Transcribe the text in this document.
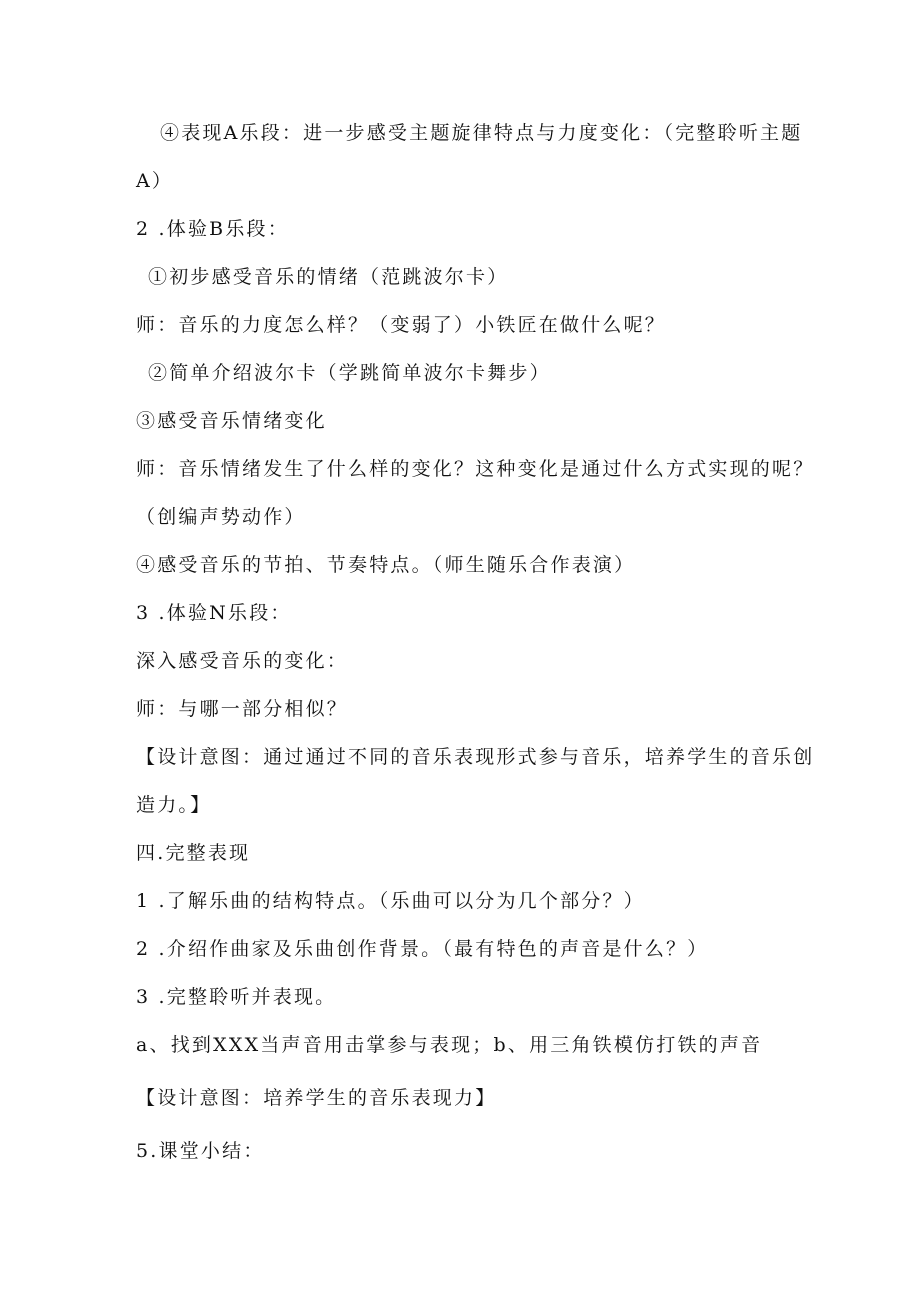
④表现A乐段：进一步感受主题旋律特点与力度变化：（完整聆听主题
A）
2 .体验B乐段：
①初步感受音乐的情绪（范跳波尔卡）
师：音乐的力度怎么样？（变弱了）小铁匠在做什么呢？
②简单介绍波尔卡（学跳简单波尔卡舞步）
③感受音乐情绪变化
师：音乐情绪发生了什么样的变化？这种变化是通过什么方式实现的呢？
（创编声势动作）
④感受音乐的节拍、节奏特点。（师生随乐合作表演）
3 .体验N乐段：
深入感受音乐的变化：
师：与哪一部分相似？
【设计意图：通过通过不同的音乐表现形式参与音乐，培养学生的音乐创
造力。】
四.完整表现
1 .了解乐曲的结构特点。（乐曲可以分为几个部分？）
2 .介绍作曲家及乐曲创作背景。（最有特色的声音是什么？）
3 .完整聆听并表现。
a、找到XXX当声音用击掌参与表现；b、用三角铁模仿打铁的声音
【设计意图：培养学生的音乐表现力】
5.课堂小结：
